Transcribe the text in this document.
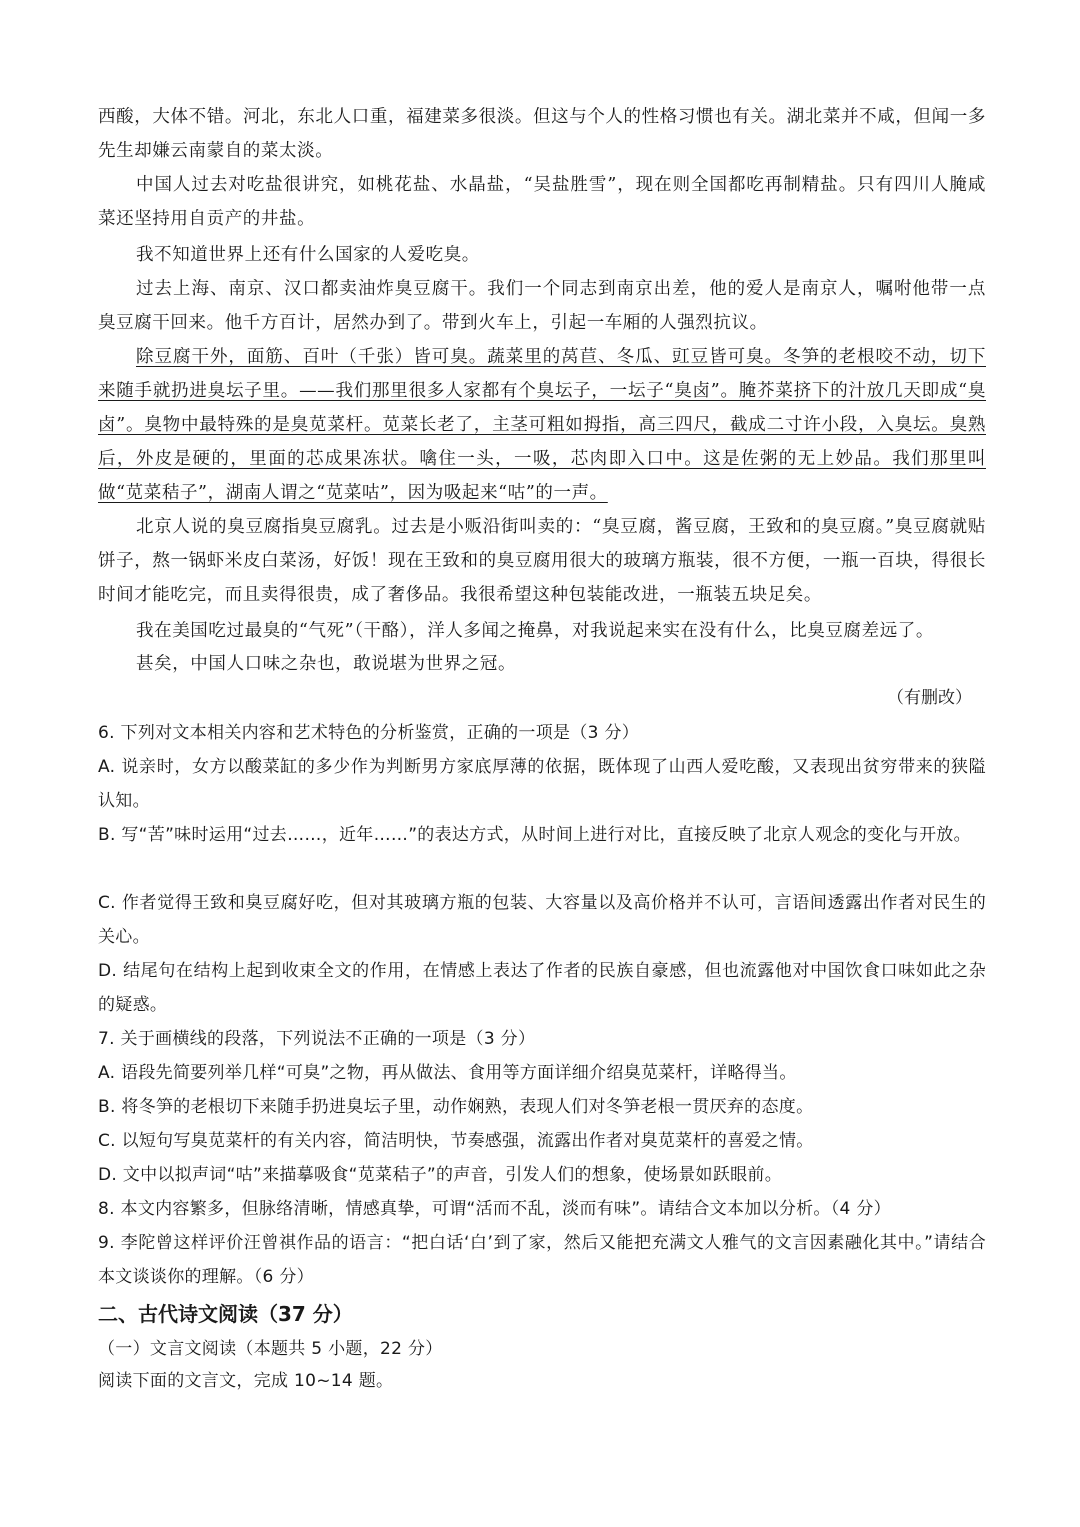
西酸，大体不错。河北，东北人口重，福建菜多很淡。但这与个人的性格习惯也有关。湖北菜并不咸，但闻一多先生却嫌云南蒙自的菜太淡。
中国人过去对吃盐很讲究，如桃花盐、水晶盐，“吴盐胜雪”，现在则全国都吃再制精盐。只有四川人腌咸菜还坚持用自贡产的井盐。
我不知道世界上还有什么国家的人爱吃臭。
过去上海、南京、汉口都卖油炸臭豆腐干。我们一个同志到南京出差，他的爱人是南京人，嘱咐他带一点臭豆腐干回来。他千方百计，居然办到了。带到火车上，引起一车厢的人强烈抗议。
除豆腐干外，面筋、百叶（千张）皆可臭。蔬菜里的莴苣、冬瓜、豇豆皆可臭。冬笋的老根咬不动，切下来随手就扔进臭坛子里。——我们那里很多人家都有个臭坛子，一坛子“臭卤”。腌芥菜挤下的汁放几天即成“臭卤”。臭物中最特殊的是臭苋菜杆。苋菜长老了，主茎可粗如拇指，高三四尺，截成二寸许小段，入臭坛。臭熟后，外皮是硬的，里面的芯成果冻状。噙住一头，一吸，芯肉即入口中。这是佐粥的无上妙品。我们那里叫做“苋菜秸子”，湖南人谓之“苋菜咕”，因为吸起来“咕”的一声。
北京人说的臭豆腐指臭豆腐乳。过去是小贩沿街叫卖的：“臭豆腐，酱豆腐，王致和的臭豆腐。”臭豆腐就贴饼子，熬一锅虾米皮白菜汤，好饭！现在王致和的臭豆腐用很大的玻璃方瓶装，很不方便，一瓶一百块，得很长时间才能吃完，而且卖得很贵，成了奢侈品。我很希望这种包装能改进，一瓶装五块足矣。
我在美国吃过最臭的“气死”（干酪），洋人多闻之掩鼻，对我说起来实在没有什么，比臭豆腐差远了。
甚矣，中国人口味之杂也，敢说堪为世界之冠。
（有删改）
6. 下列对文本相关内容和艺术特色的分析鉴赏，正确的一项是（3 分）
A. 说亲时，女方以酸菜缸的多少作为判断男方家底厚薄的依据，既体现了山西人爱吃酸，又表现出贫穷带来的狭隘认知。
B. 写“苦”味时运用“过去……，近年……”的表达方式，从时间上进行对比，直接反映了北京人观念的变化与开放。
C. 作者觉得王致和臭豆腐好吃，但对其玻璃方瓶的包装、大容量以及高价格并不认可，言语间透露出作者对民生的关心。
D. 结尾句在结构上起到收束全文的作用，在情感上表达了作者的民族自豪感，但也流露他对中国饮食口味如此之杂的疑惑。
7. 关于画横线的段落，下列说法不正确的一项是（3 分）
A. 语段先简要列举几样“可臭”之物，再从做法、食用等方面详细介绍臭苋菜杆，详略得当。
B. 将冬笋的老根切下来随手扔进臭坛子里，动作娴熟，表现人们对冬笋老根一贯厌弃的态度。
C. 以短句写臭苋菜杆的有关内容，简洁明快，节奏感强，流露出作者对臭苋菜杆的喜爱之情。
D. 文中以拟声词“咕”来描摹吸食“苋菜秸子”的声音，引发人们的想象，使场景如跃眼前。
8. 本文内容繁多，但脉络清晰，情感真挚，可谓“活而不乱，淡而有味”。请结合文本加以分析。（4 分）
9. 李陀曾这样评价汪曾祺作品的语言：“把白话‘白’到了家，然后又能把充满文人雅气的文言因素融化其中。”请结合本文谈谈你的理解。（6 分）
二、古代诗文阅读（37 分）
（一）文言文阅读（本题共 5 小题，22 分）
阅读下面的文言文，完成 10~14 题。
